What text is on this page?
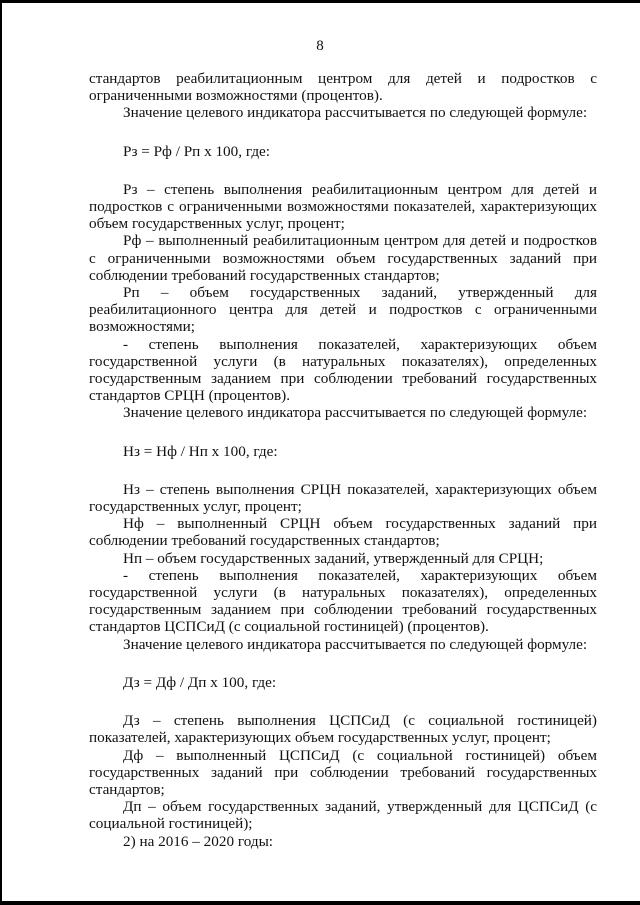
8

стандартов реабилитационным центром для детей и подростков с ограниченными возможностями (процентов).

Значение целевого индикатора рассчитывается по следующей формуле:

Рз = Рф / Рп х 100, где:

Рз – степень выполнения реабилитационным центром для детей и подростков с ограниченными возможностями показателей, характеризующих объем государственных услуг, процент;

Рф – выполненный реабилитационным центром для детей и подростков с ограниченными возможностями объем государственных заданий при соблюдении требований государственных стандартов;

Рп – объем государственных заданий, утвержденный для реабилитационного центра для детей и подростков с ограниченными возможностями;

- степень выполнения показателей, характеризующих объем государственной услуги (в натуральных показателях), определенных государственным заданием при соблюдении требований государственных стандартов СРЦН (процентов).

Значение целевого индикатора рассчитывается по следующей формуле:

Нз = Нф / Нп х 100, где:

Нз – степень выполнения СРЦН показателей, характеризующих объем государственных услуг, процент;

Нф – выполненный СРЦН объем государственных заданий при соблюдении требований государственных стандартов;

Нп – объем государственных заданий, утвержденный для СРЦН;

- степень выполнения показателей, характеризующих объем государственной услуги (в натуральных показателях), определенных государственным заданием при соблюдении требований государственных стандартов ЦСПСиД (с социальной гостиницей) (процентов).

Значение целевого индикатора рассчитывается по следующей формуле:

Дз = Дф / Дп х 100, где:

Дз – степень выполнения ЦСПСиД (с социальной гостиницей) показателей, характеризующих объем государственных услуг, процент;

Дф – выполненный ЦСПСиД (с социальной гостиницей) объем государственных заданий при соблюдении требований государственных стандартов;

Дп – объем государственных заданий, утвержденный для ЦСПСиД (с социальной гостиницей);

2) на 2016 – 2020 годы:
